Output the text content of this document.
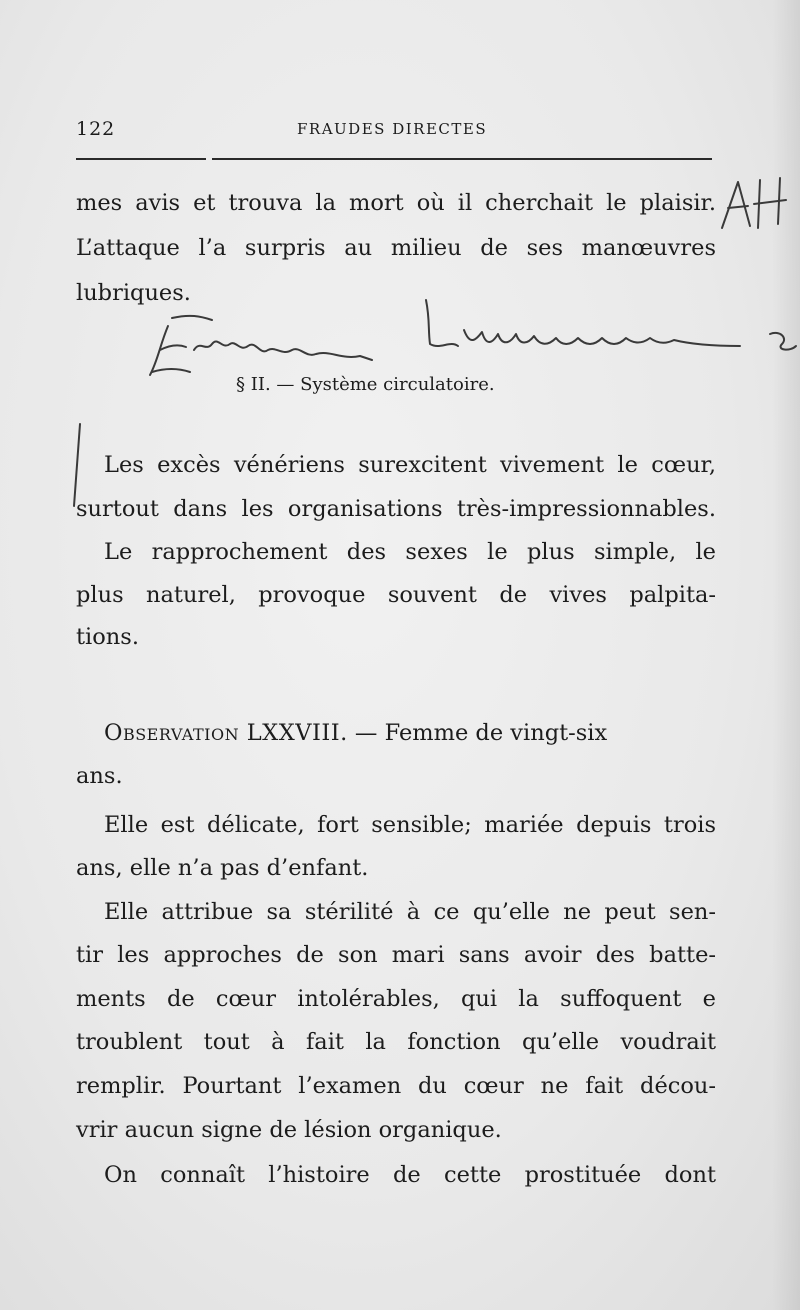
122	FRAUDES DIRECTES
mes avis et trouva la mort où il cherchait le plaisir.
L’attaque l’a surpris au milieu de ses manœuvres
lubriques.
§ II. — Système circulatoire.
Les excès vénériens surexcitent vivement le cœur,
surtout dans les organisations très-impressionnables.
Le rapprochement des sexes le plus simple, le
plus naturel, provoque souvent de vives palpita-
tions.
Observation LXXVIII. — Femme de vingt-six
ans.
Elle est délicate, fort sensible; mariée depuis trois
ans, elle n’a pas d’enfant.
Elle attribue sa stérilité à ce qu’elle ne peut sen-
tir les approches de son mari sans avoir des batte-
ments de cœur intolérables, qui la suffoquent e
troublent tout à fait la fonction qu’elle voudrait
remplir. Pourtant l’examen du cœur ne fait décou-
vrir aucun signe de lésion organique.
On connaît l’histoire de cette prostituée dont
